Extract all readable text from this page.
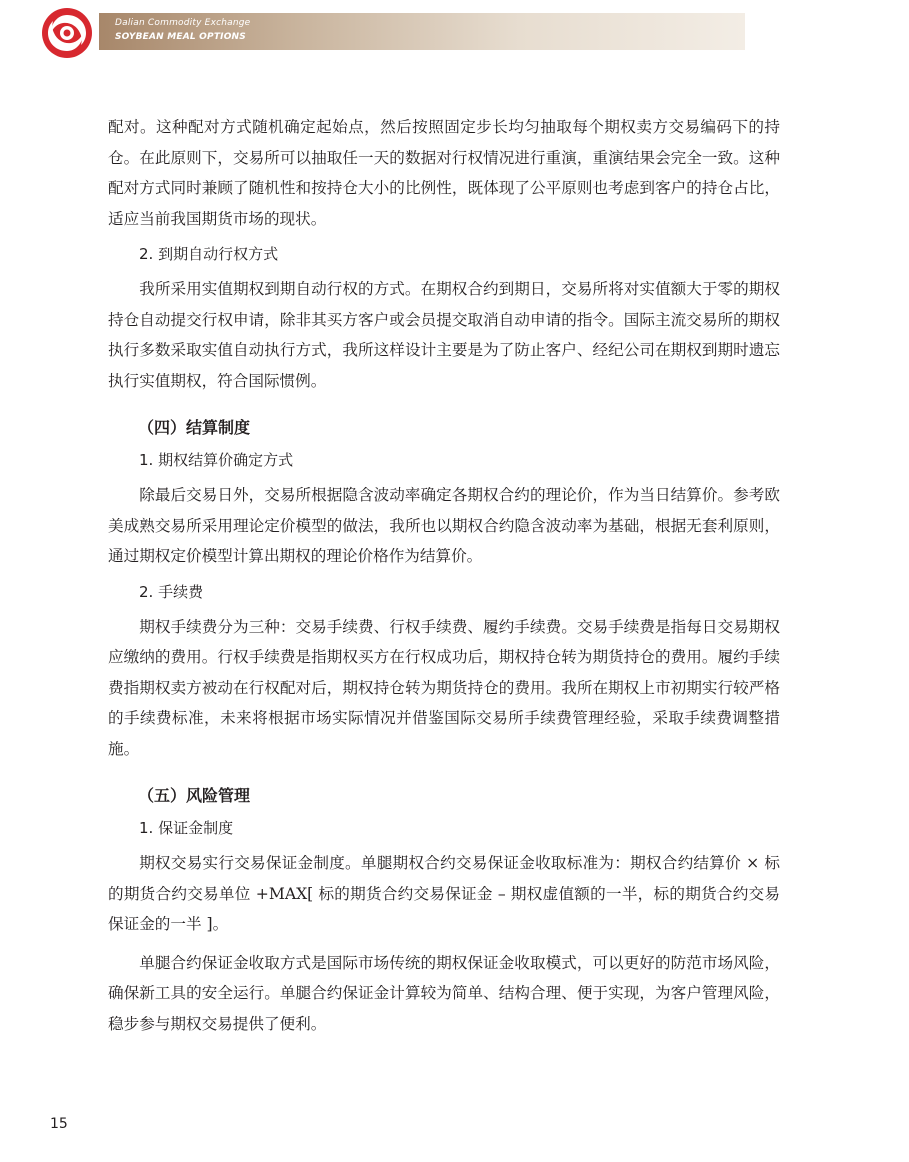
Dalian Commodity Exchange
SOYBEAN MEAL OPTIONS

配对。这种配对方式随机确定起始点，然后按照固定步长均匀抽取每个期权卖方交易编码下的持仓。在此原则下，交易所可以抽取任一天的数据对行权情况进行重演，重演结果会完全一致。这种配对方式同时兼顾了随机性和按持仓大小的比例性，既体现了公平原则也考虑到客户的持仓占比，适应当前我国期货市场的现状。

2. 到期自动行权方式

我所采用实值期权到期自动行权的方式。在期权合约到期日，交易所将对实值额大于零的期权持仓自动提交行权申请，除非其买方客户或会员提交取消自动申请的指令。国际主流交易所的期权执行多数采取实值自动执行方式，我所这样设计主要是为了防止客户、经纪公司在期权到期时遗忘执行实值期权，符合国际惯例。

（四）结算制度

1. 期权结算价确定方式

除最后交易日外，交易所根据隐含波动率确定各期权合约的理论价，作为当日结算价。参考欧美成熟交易所采用理论定价模型的做法，我所也以期权合约隐含波动率为基础，根据无套利原则，通过期权定价模型计算出期权的理论价格作为结算价。

2. 手续费

期权手续费分为三种：交易手续费、行权手续费、履约手续费。交易手续费是指每日交易期权应缴纳的费用。行权手续费是指期权买方在行权成功后，期权持仓转为期货持仓的费用。履约手续费指期权卖方被动在行权配对后，期权持仓转为期货持仓的费用。我所在期权上市初期实行较严格的手续费标准，未来将根据市场实际情况并借鉴国际交易所手续费管理经验，采取手续费调整措施。

（五）风险管理

1. 保证金制度

期权交易实行交易保证金制度。单腿期权合约交易保证金收取标准为：期权合约结算价 × 标的期货合约交易单位 +MAX[ 标的期货合约交易保证金 – 期权虚值额的一半，标的期货合约交易保证金的一半 ]。

单腿合约保证金收取方式是国际市场传统的期权保证金收取模式，可以更好的防范市场风险，确保新工具的安全运行。单腿合约保证金计算较为简单、结构合理、便于实现，为客户管理风险，稳步参与期权交易提供了便利。

15
